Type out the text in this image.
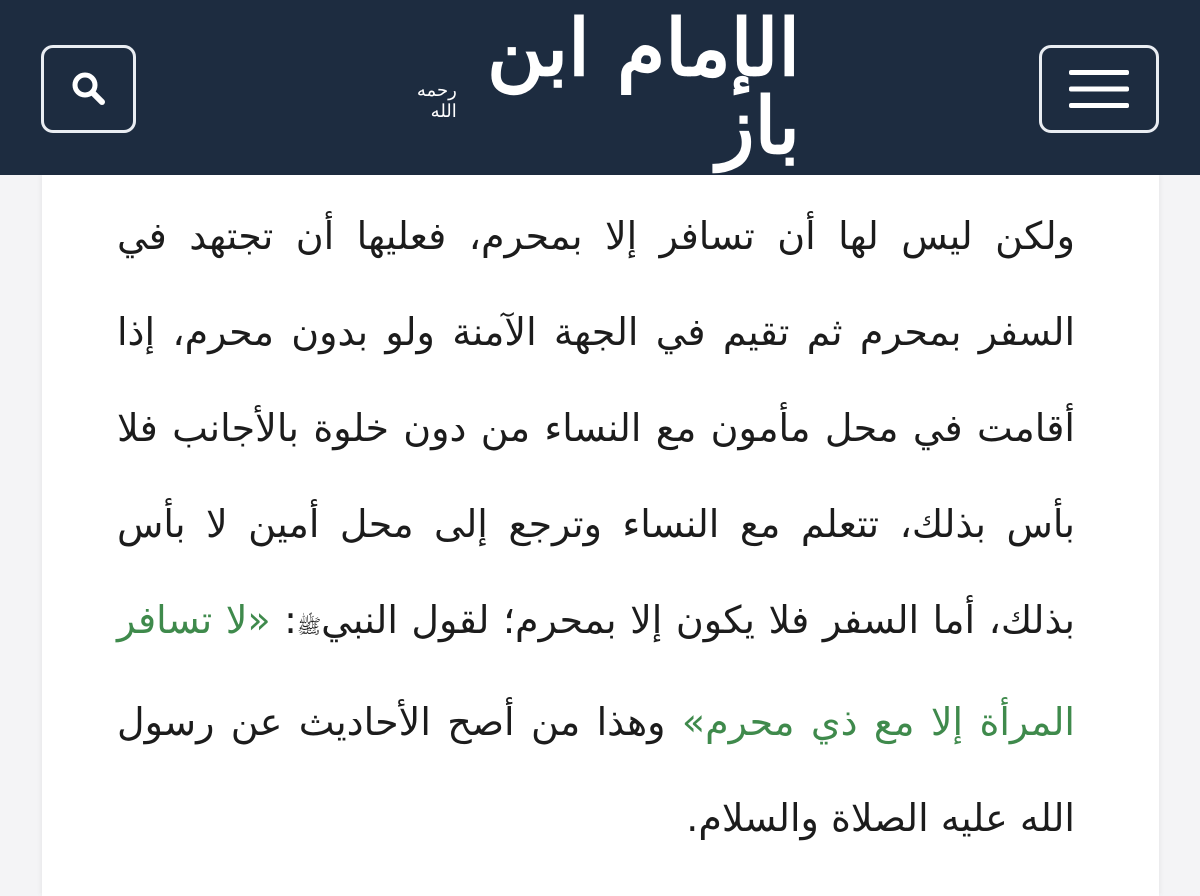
الإمام ابن باز
رحمه الله
ولكن ليس لها أن تسافر إلا بمحرم، فعليها أن تجتهد في السفر بمحرم ثم تقيم في الجهة الآمنة ولو بدون محرم، إذا أقامت في محل مأمون مع النساء من دون خلوة بالأجانب فلا بأس بذلك، تتعلم مع النساء وترجع إلى محل أمين لا بأس بذلك، أما السفر فلا يكون إلا بمحرم؛ لقول النبيﷺ: «لا تسافر المرأة إلا مع ذي محرم» وهذا من أصح الأحاديث عن رسول الله عليه الصلاة والسلام.
